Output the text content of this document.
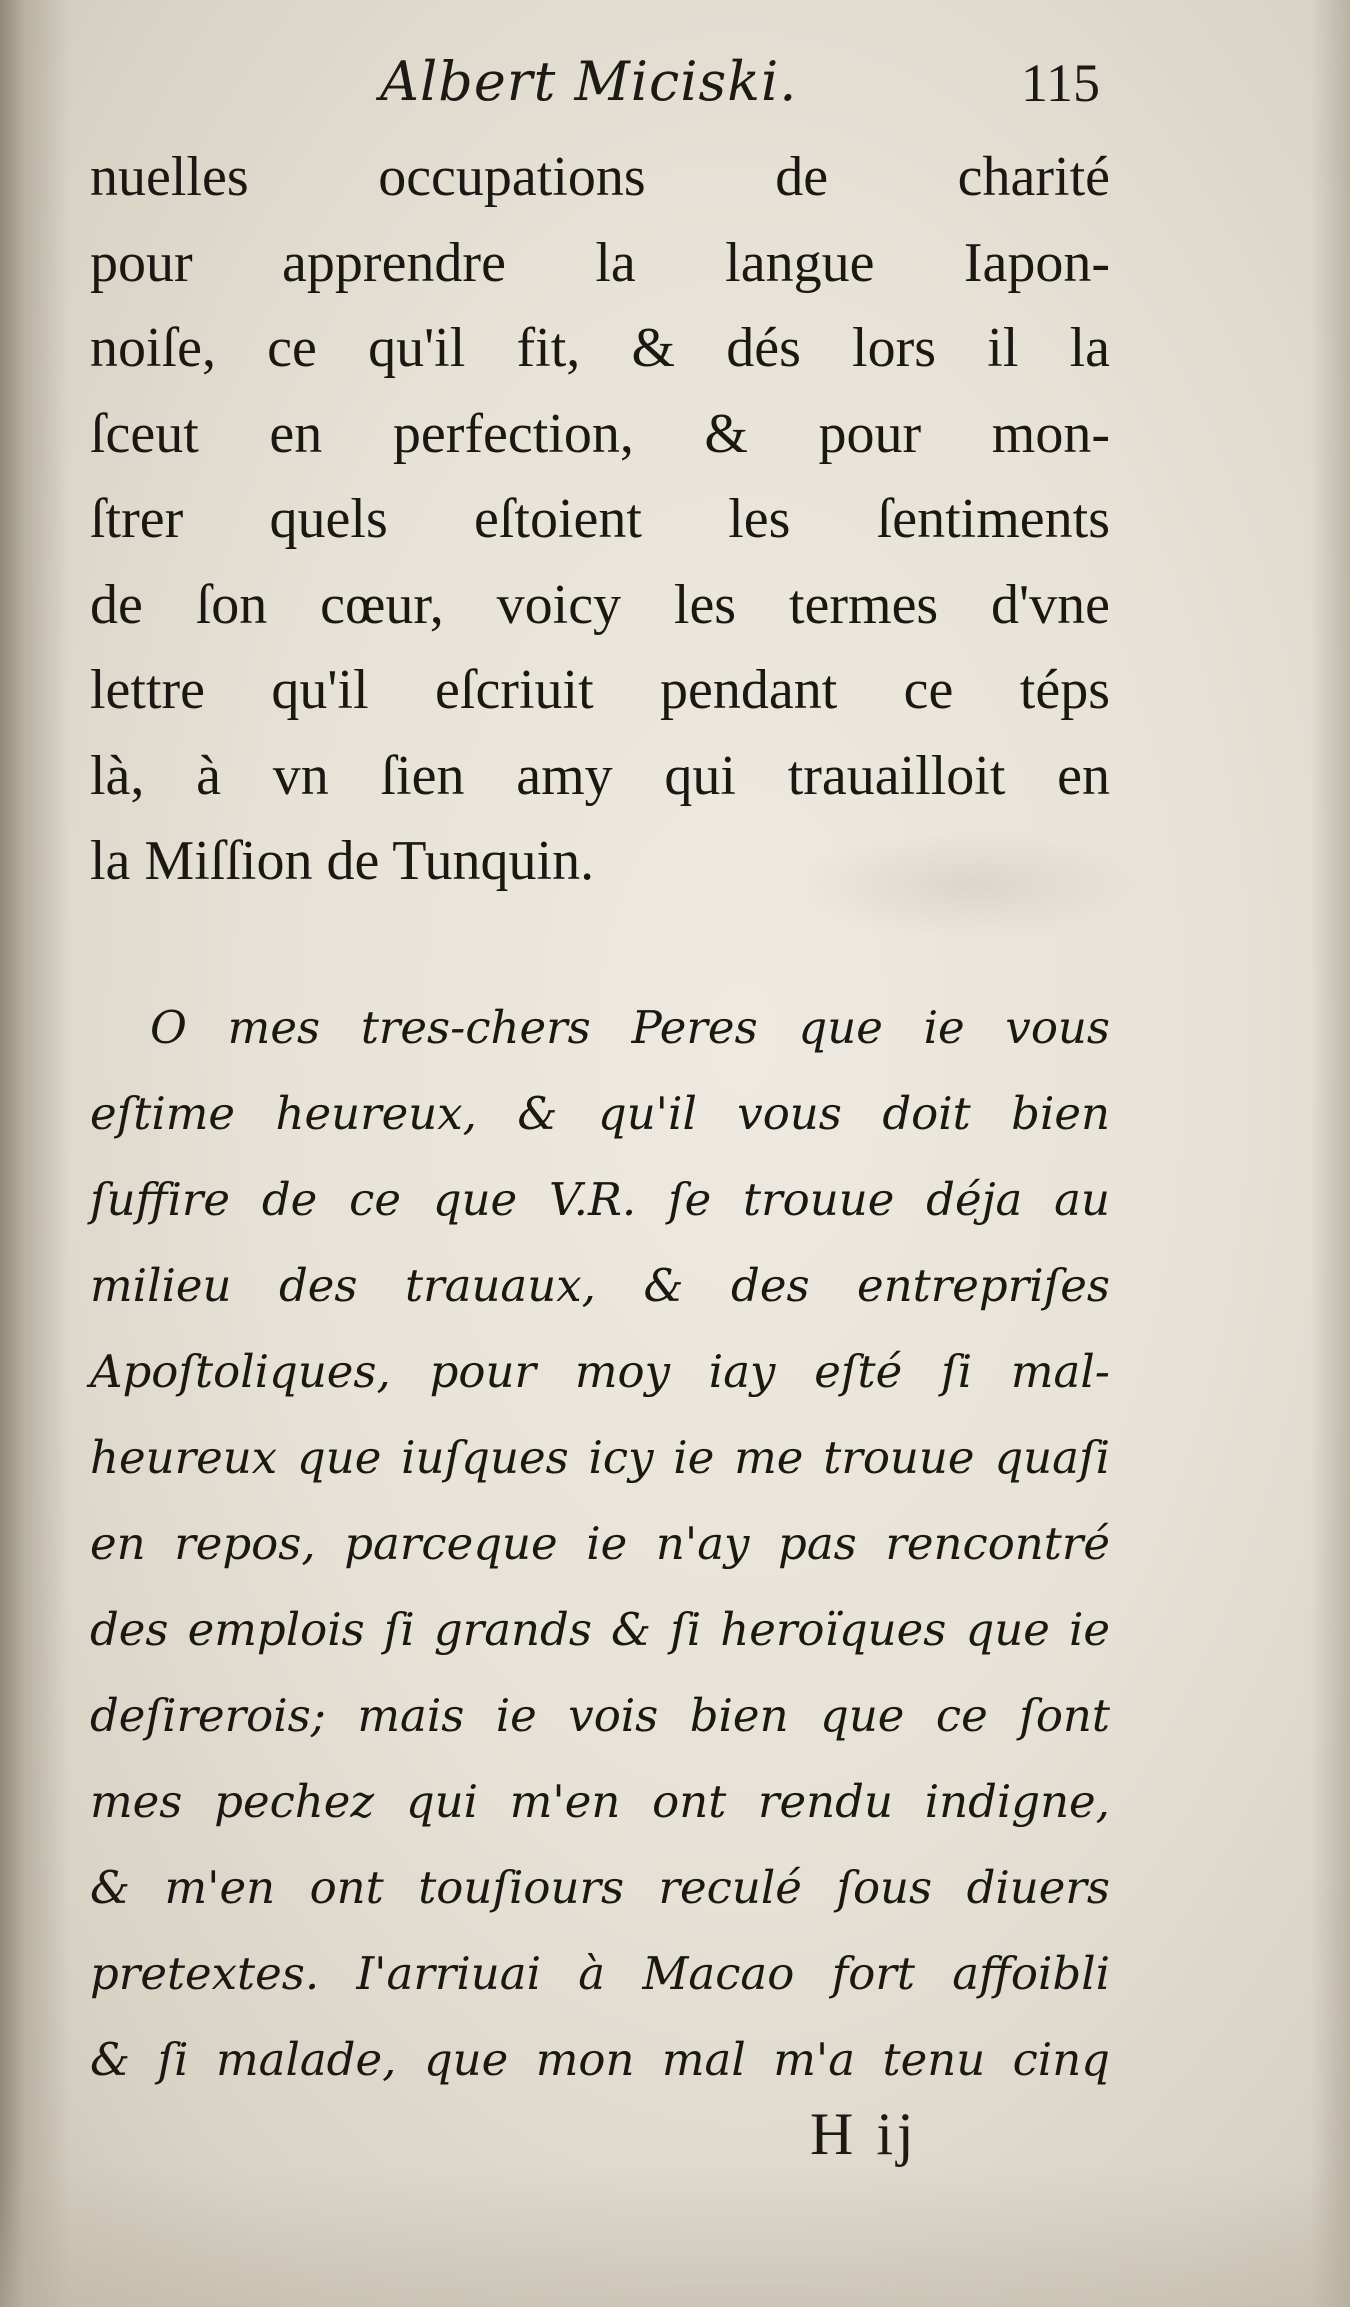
Albert Miciski.	115
nuelles occupations de charité
pour apprendre la langue Iapon-
noiſe, ce qu'il fit, & dés lors il la
ſceut en perfection, & pour mon-
ſtrer quels eſtoient les ſentiments
de ſon cœur, voicy les termes d'vne
lettre qu'il eſcriuit pendant ce téps
là, à vn ſien amy qui trauailloit en
la Miſſion de Tunquin.
O mes tres-chers Peres que ie vous
eſtime heureux, & qu'il vous doit bien
ſuffire de ce que V.R. ſe trouue déja au
milieu des trauaux, & des entrepriſes
Apoſtoliques, pour moy iay eſté ſi mal-
heureux que iuſques icy ie me trouue quaſi
en repos, parceque ie n'ay pas rencontré
des emplois ſi grands & ſi heroïques que ie
deſirerois; mais ie vois bien que ce ſont
mes pechez qui m'en ont rendu indigne,
& m'en ont touſiours reculé ſous diuers
pretextes. I'arriuai à Macao fort affoibli
& ſi malade, que mon mal m'a tenu cinq
H ij
